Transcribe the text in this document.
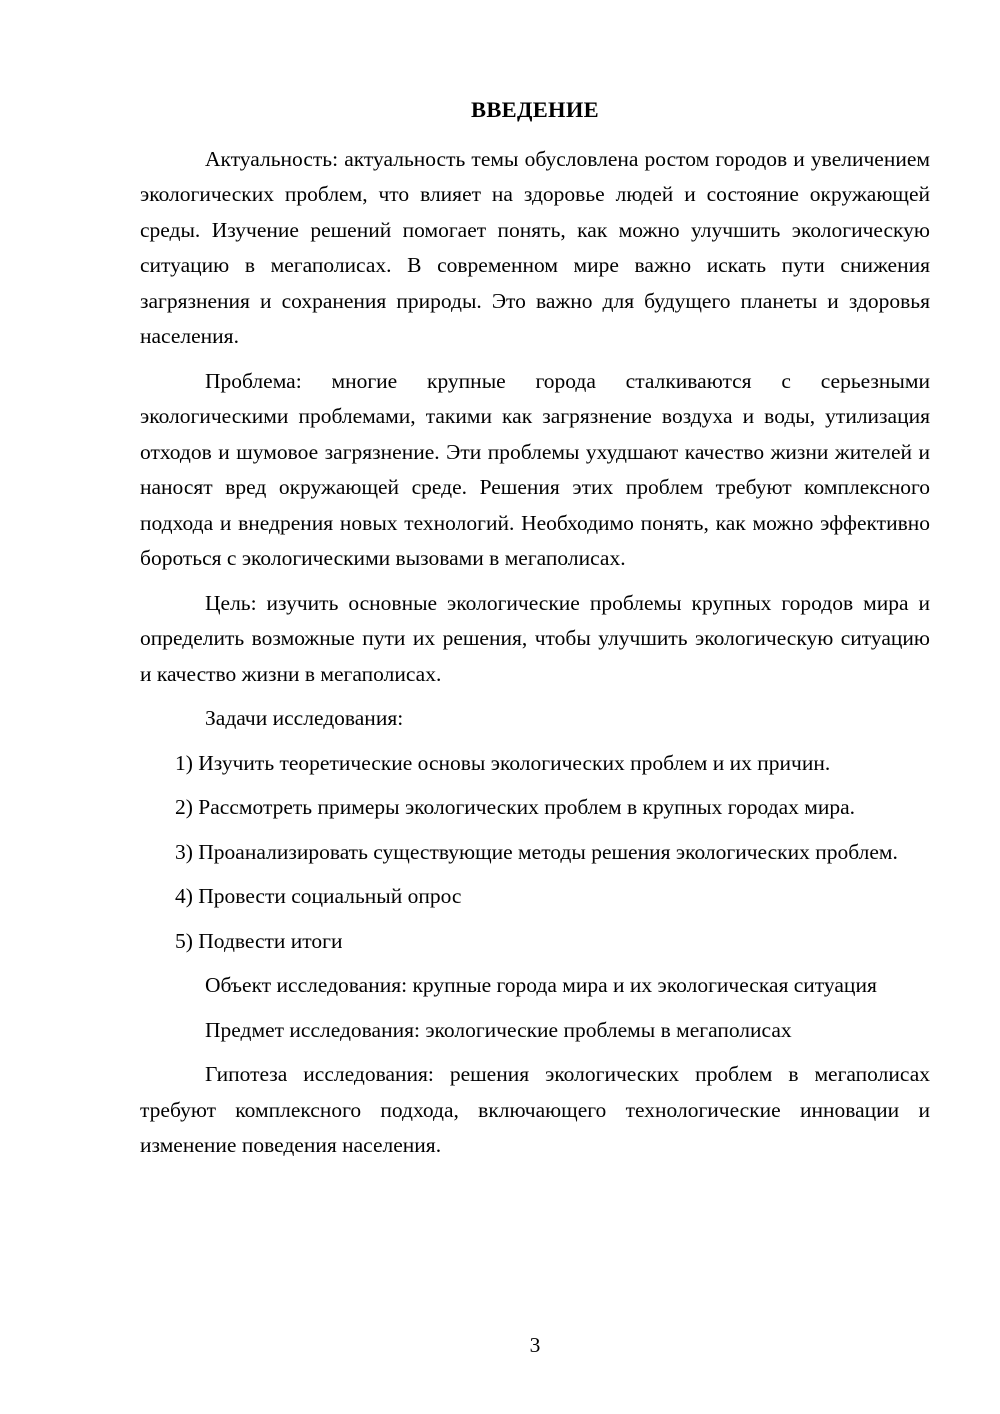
ВВЕДЕНИЕ

Актуальность: актуальность темы обусловлена ростом городов и увеличением экологических проблем, что влияет на здоровье людей и состояние окружающей среды. Изучение решений помогает понять, как можно улучшить экологическую ситуацию в мегаполисах. В современном мире важно искать пути снижения загрязнения и сохранения природы. Это важно для будущего планеты и здоровья населения.

Проблема: многие крупные города сталкиваются с серьезными экологическими проблемами, такими как загрязнение воздуха и воды, утилизация отходов и шумовое загрязнение. Эти проблемы ухудшают качество жизни жителей и наносят вред окружающей среде. Решения этих проблем требуют комплексного подхода и внедрения новых технологий. Необходимо понять, как можно эффективно бороться с экологическими вызовами в мегаполисах.

Цель: изучить основные экологические проблемы крупных городов мира и определить возможные пути их решения, чтобы улучшить экологическую ситуацию и качество жизни в мегаполисах.

Задачи исследования:

1) Изучить теоретические основы экологических проблем и их причин.

2) Рассмотреть примеры экологических проблем в крупных городах мира.

3) Проанализировать существующие методы решения экологических проблем.

4) Провести социальный опрос

5) Подвести итоги

Объект исследования: крупные города мира и их экологическая ситуация

Предмет исследования: экологические проблемы в мегаполисах

Гипотеза исследования: решения экологических проблем в мегаполисах требуют комплексного подхода, включающего технологические инновации и изменение поведения населения.

3
